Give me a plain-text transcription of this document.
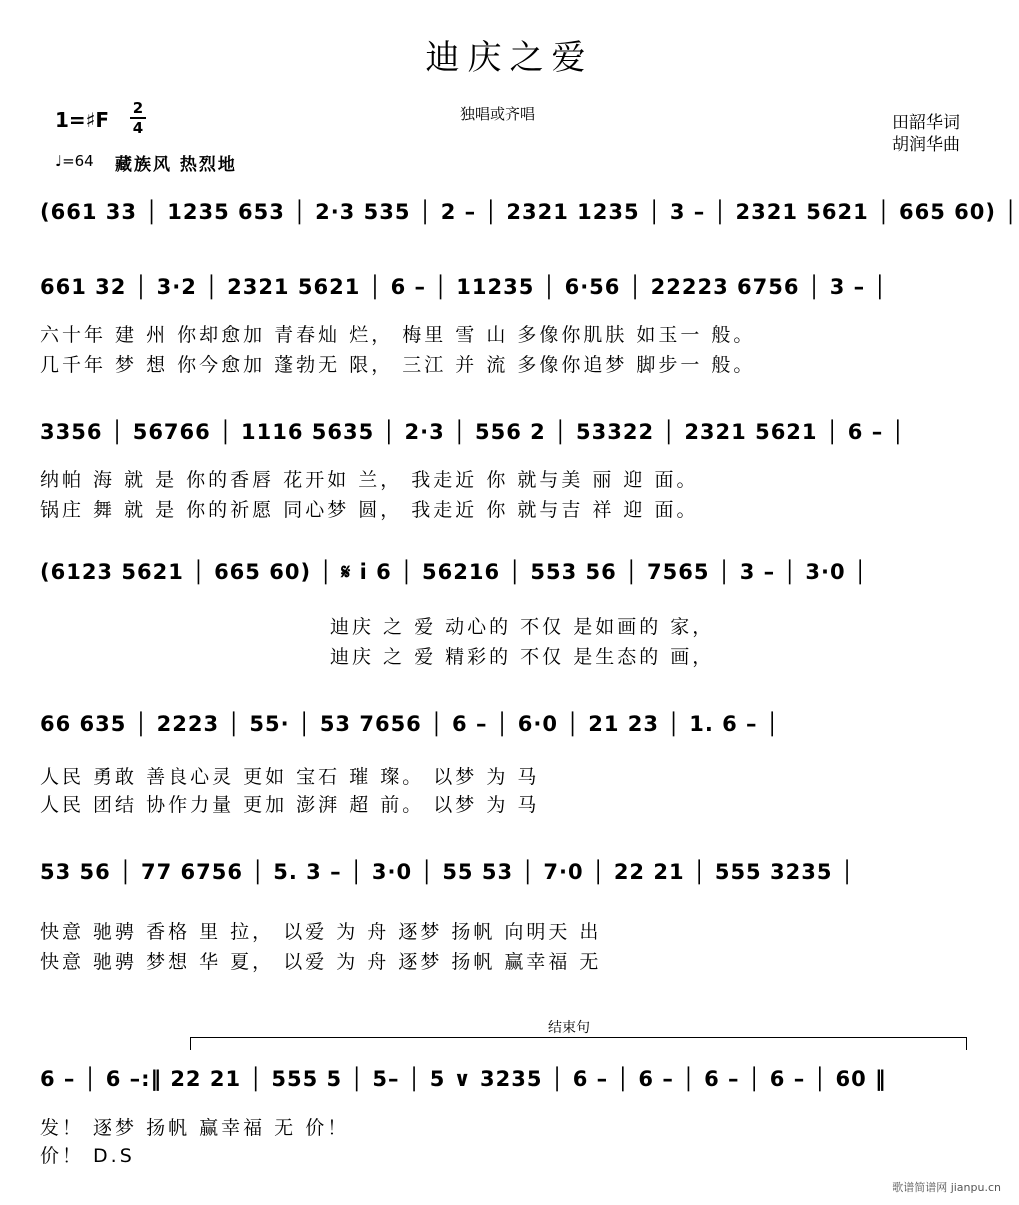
迪庆之爱
1=♯F 2
4
♩=64 藏族风 热烈地
独唱或齐唱	田韶华词
胡润华曲
(661 33 │ 1235 653 │ 2·3 535 │ 2 – │ 2321 1235 │ 3 – │ 2321 5621 │ 665 60) │
661 32 │ 3·2 │ 2321 5621 │ 6 – │ 11235 │ 6·56 │ 22223 6756 │ 3 – │
六十年 建 州 你却愈加 青春灿 烂， 梅里 雪 山 多像你肌肤 如玉一 般。
几千年 梦 想 你今愈加 蓬勃无 限， 三江 并 流 多像你追梦 脚步一 般。
3356 │ 56766 │ 1116 5635 │ 2·3 │ 556 2 │ 53322 │ 2321 5621 │ 6 – │
纳帕 海 就 是 你的香唇 花开如 兰， 我走近 你 就与美 丽 迎 面。
锅庄 舞 就 是 你的祈愿 同心梦 圆， 我走近 你 就与吉 祥 迎 面。
(6123 5621 │ 665 60) │ 𝄋 i 6 │ 56216 │ 553 56 │ 7565 │ 3 – │ 3·0 │
迪庆 之 爱 动心的 不仅 是如画的 家，
迪庆 之 爱 精彩的 不仅 是生态的 画，
66 635 │ 2223 │ 55· │ 53 7656 │ 6 – │ 6·0 │ 21 23 │ 1. 6 – │
人民 勇敢 善良心灵 更如 宝石 璀 璨。 以梦 为 马
人民 团结 协作力量 更加 澎湃 超 前。 以梦 为 马
53 56 │ 77 6756 │ 5. 3 – │ 3·0 │ 55 53 │ 7·0 │ 22 21 │ 555 3235 │
快意 驰骋 香格 里 拉， 以爱 为 舟 逐梦 扬帆 向明天 出
快意 驰骋 梦想 华 夏， 以爱 为 舟 逐梦 扬帆 赢幸福 无
结束句
6 – │ 6 –:‖ 22 21 │ 555 5 │ 5– │ 5 ∨ 3235 │ 6 – │ 6 – │ 6 – │ 6 – │ 60 ‖
发！ 逐梦 扬帆 赢幸福 无 价！
价！ D.S
歌谱简谱网 jianpu.cn
